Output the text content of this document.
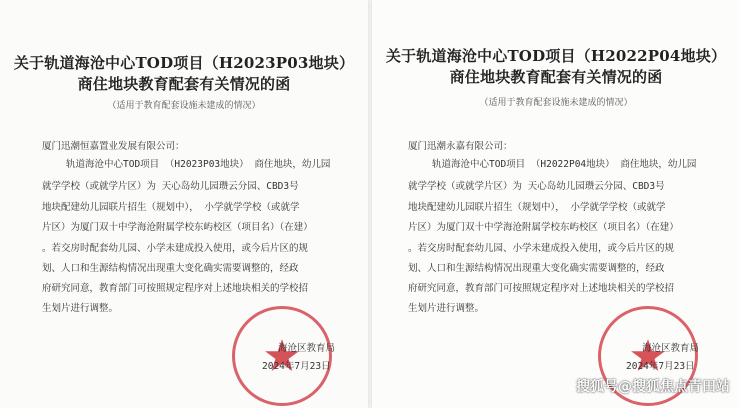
关于轨道海沧中心TOD项目（H2023P03地块）
商住地块教育配套有关情况的函
（适用于教育配套设施未建成的情况）
厦门迅潮恒嘉置业发展有限公司：
轨道海沧中心TOD项目 （H2023P03地块） 商住地块，幼儿园
就学学校（或就学片区）为 天心岛幼儿园瓒云分园、CBD3号
地块配建幼儿园联片招生（规划中）， 小学就学学校（或就学
片区）为厦门双十中学海沧附属学校东屿校区（项目名）（在建）
。若交房时配套幼儿园、小学未建成投入使用，或今后片区的规
划、人口和生源结构情况出现重大变化确实需要调整的，经政
府研究同意，教育部门可按照规定程序对上述地块相关的学校招
生划片进行调整。
海沧区教育局
2024年7月23日
关于轨道海沧中心TOD项目（H2022P04地块）
商住地块教育配套有关情况的函
（适用于教育配套设施未建成的情况）
厦门迅潮永嘉有限公司：
轨道海沧中心TOD项目 （H2022P04地块） 商住地块，幼儿园
就学学校（或就学片区）为 天心岛幼儿园瓒云分园、CBD3号
地块配建幼儿园联片招生（规划中）， 小学就学学校（或就学
片区）为厦门双十中学海沧附属学校东屿校区（项目名）（在建）
。若交房时配套幼儿园、小学未建成投入使用，或今后片区的规
划、人口和生源结构情况出现重大变化确实需要调整的，经政
府研究同意，教育部门可按照规定程序对上述地块相关的学校招
生划片进行调整。
海沧区教育局
2024年7月23日
搜狐号@搜狐焦点青田站
